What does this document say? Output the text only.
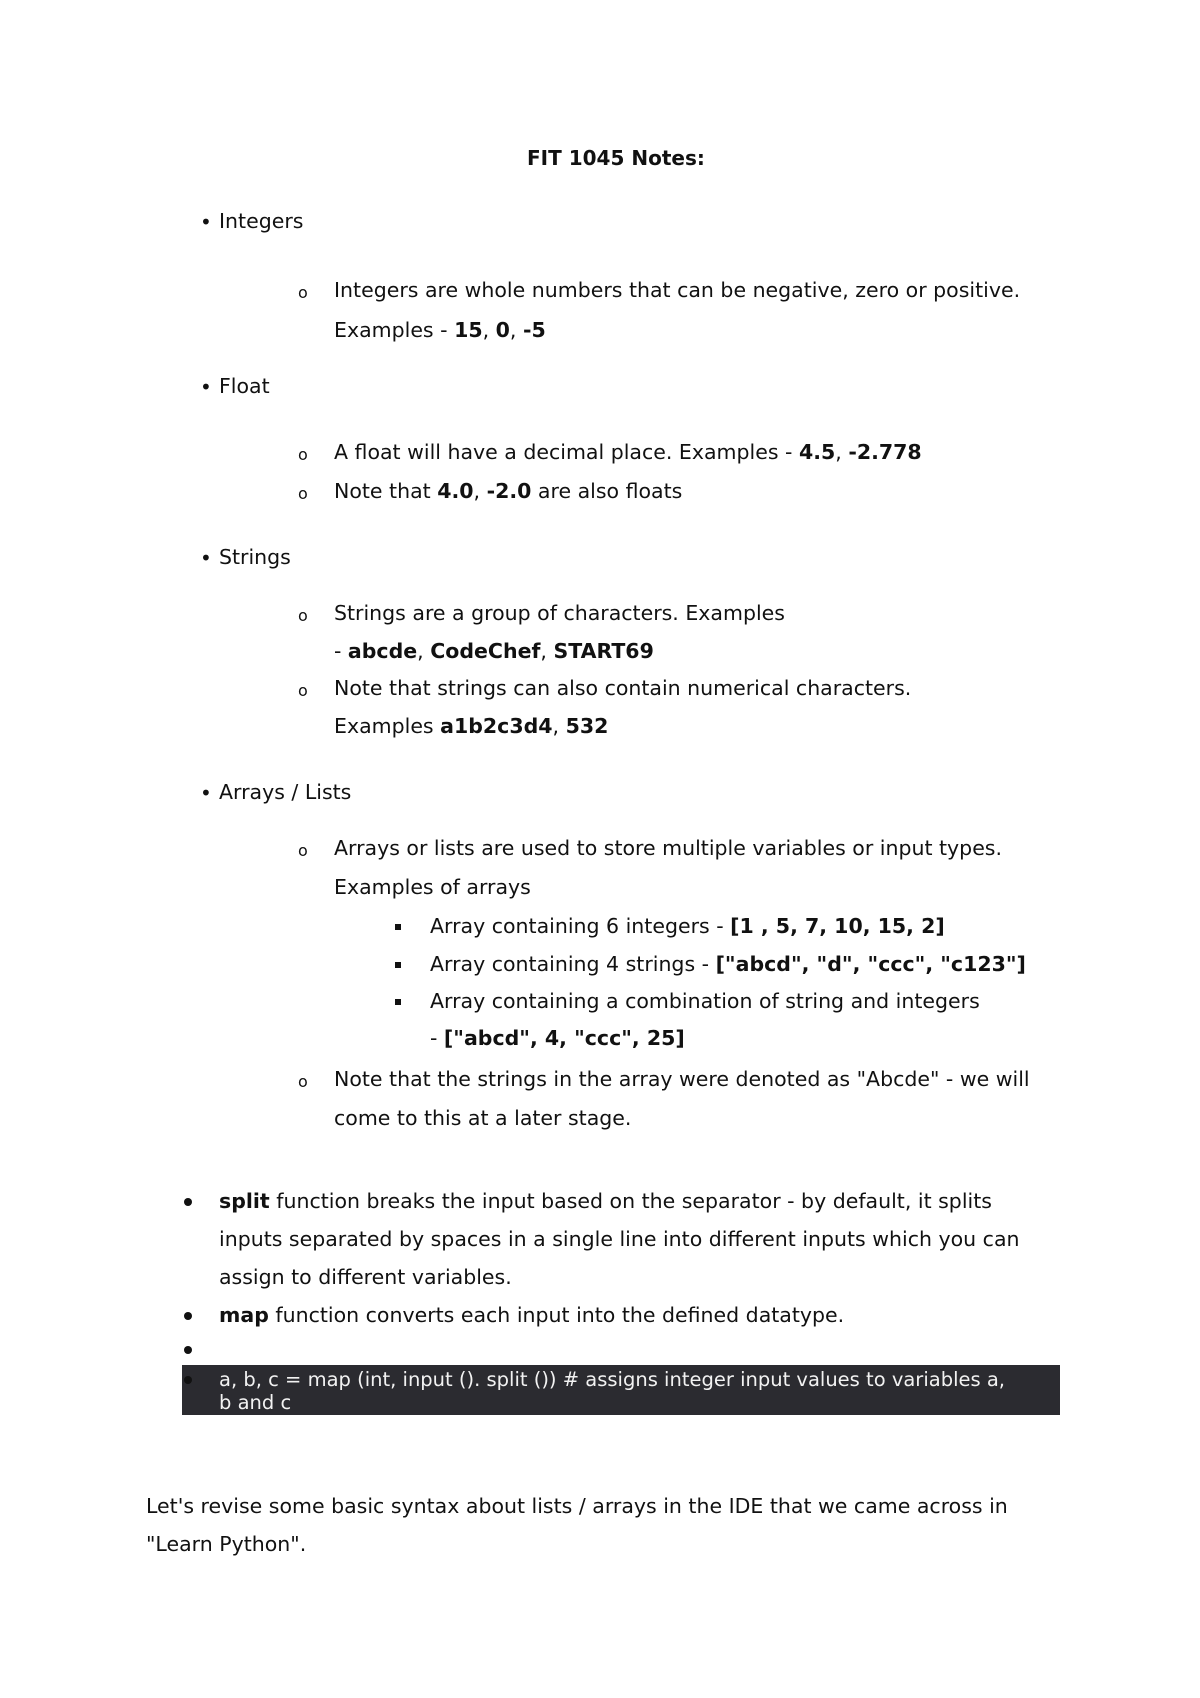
FIT 1045 Notes:
• Integers
o Integers are whole numbers that can be negative, zero or positive.
Examples - 15, 0, -5
• Float
o A float will have a decimal place. Examples - 4.5, -2.778
o Note that 4.0, -2.0 are also floats
• Strings
o Strings are a group of characters. Examples
- abcde, CodeChef, START69
o Note that strings can also contain numerical characters.
Examples a1b2c3d4, 532
• Arrays / Lists
o Arrays or lists are used to store multiple variables or input types.
Examples of arrays
Array containing 6 integers - [1 , 5, 7, 10, 15, 2]
Array containing 4 strings - ["abcd", "d", "ccc", "c123"]
Array containing a combination of string and integers
- ["abcd", 4, "ccc", 25]
o Note that the strings in the array were denoted as "Abcde" - we will
come to this at a later stage.
split function breaks the input based on the separator - by default, it splits
inputs separated by spaces in a single line into different inputs which you can
assign to different variables.
map function converts each input into the defined datatype.
a, b, c = map (int, input (). split ()) # assigns integer input values to variables a,
b and c
Let's revise some basic syntax about lists / arrays in the IDE that we came across in
"Learn Python".
